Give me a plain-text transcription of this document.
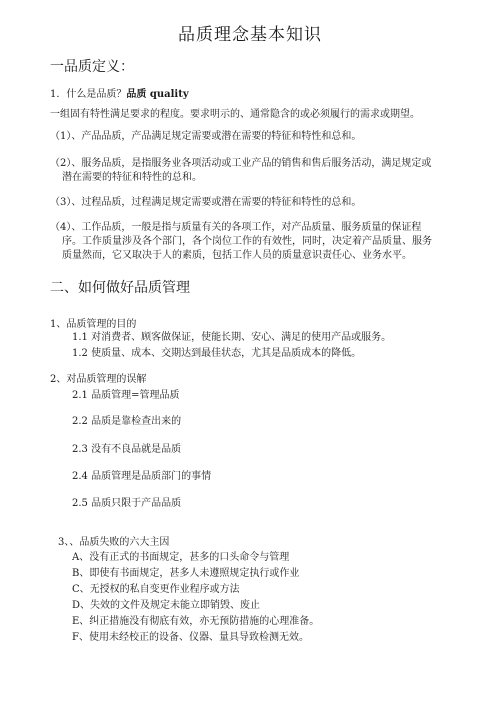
品质理念基本知识
一品质定义：
1．什么是品质？品质 quality
一组固有特性满足要求的程度。要求明示的、通常隐含的或必须履行的需求或期望。
（1）、产品品质，产品满足规定需要或潜在需要的特征和特性和总和。
（2）、服务品质，是指服务业各项活动或工业产品的销售和售后服务活动，满足规定或
潜在需要的特征和特性的总和。
（3）、过程品质，过程满足规定需要或潜在需要的特征和特性的总和。
（4）、工作品质，一般是指与质量有关的各项工作，对产品质量、服务质量的保证程
序。工作质量涉及各个部门，各个岗位工作的有效性，同时，决定着产品质量、服务
质量然而，它又取决于人的素质，包括工作人员的质量意识责任心、业务水平。
二、如何做好品质管理
1、品质管理的目的
1.1 对消费者、顾客做保证，使能长期、安心、满足的使用产品或服务。
1.2 使质量、成本、交期达到最佳状态，尤其是品质成本的降低。
2、对品质管理的误解
2.1 品质管理=管理品质
2.2 品质是靠检查出来的
2.3 没有不良品就是品质
2.4 品质管理是品质部门的事情
2.5 品质只限于产品品质
3、、品质失败的六大主因
A、没有正式的书面规定，甚多的口头命令与管理
B、即使有书面规定，甚多人未遵照规定执行或作业
C、无授权的私自变更作业程序或方法
D、失效的文件及规定未能立即销毁、废止
E、纠正措施没有彻底有效，亦无预防措施的心理准备。
F、使用未经校正的设备、仪器、量具导致检测无效。
